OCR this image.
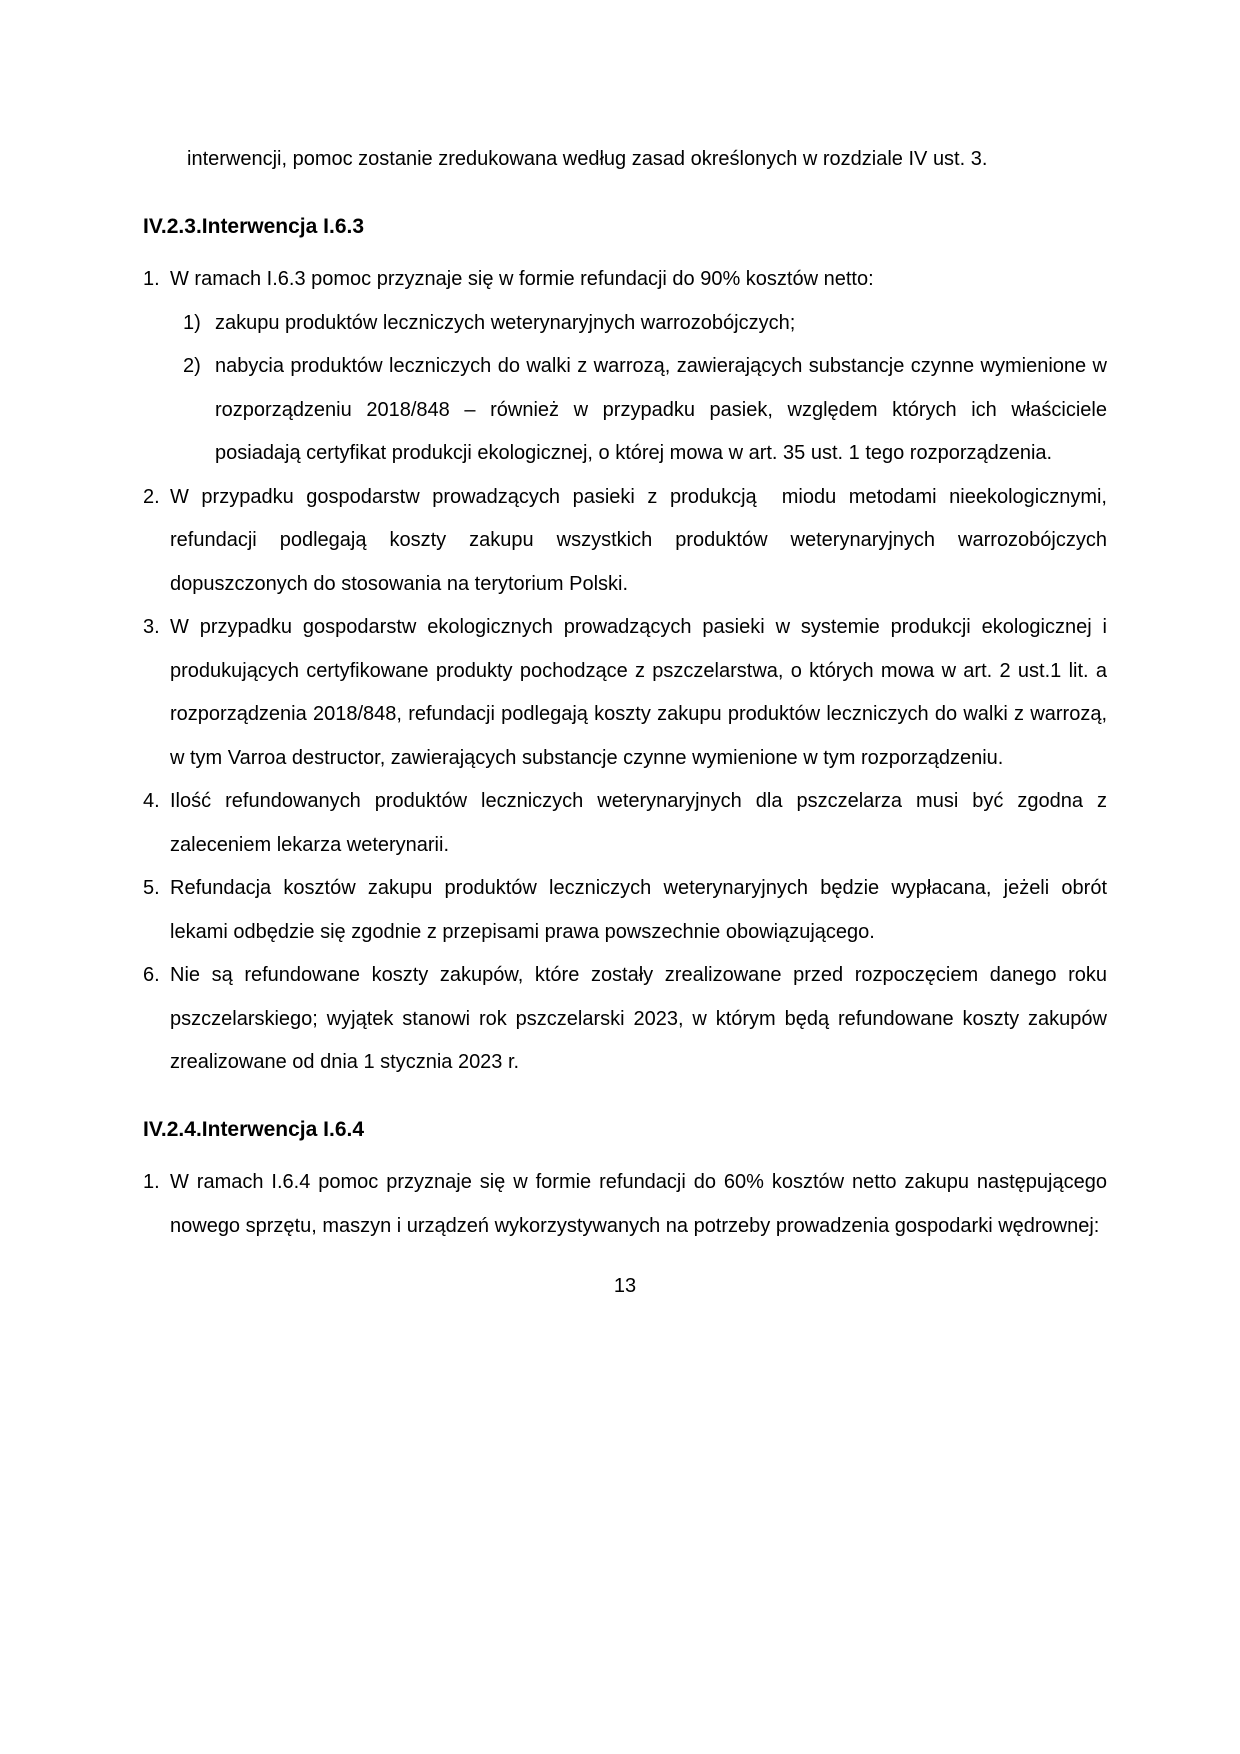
interwencji, pomoc zostanie zredukowana według zasad określonych w rozdziale IV ust. 3.

IV.2.3.Interwencja I.6.3
1. W ramach I.6.3 pomoc przyznaje się w formie refundacji do 90% kosztów netto:

1) zakupu produktów leczniczych weterynaryjnych warrozobójczych;

2) nabycia produktów leczniczych do walki z warrozą, zawierających substancje czynne wymienione w rozporządzeniu 2018/848 – również w przypadku pasiek, względem których ich właściciele posiadają certyfikat produkcji ekologicznej, o której mowa w art. 35 ust. 1 tego rozporządzenia.

2. W przypadku gospodarstw prowadzących pasieki z produkcją  miodu metodami nieekologicznymi, refundacji podlegają koszty zakupu wszystkich produktów weterynaryjnych warrozobójczych dopuszczonych do stosowania na terytorium Polski.

3. W przypadku gospodarstw ekologicznych prowadzących pasieki w systemie produkcji ekologicznej i produkujących certyfikowane produkty pochodzące z pszczelarstwa, o których mowa w art. 2 ust.1 lit. a rozporządzenia 2018/848, refundacji podlegają koszty zakupu produktów leczniczych do walki z warrozą, w tym Varroa destructor, zawierających substancje czynne wymienione w tym rozporządzeniu.

4. Ilość refundowanych produktów leczniczych weterynaryjnych dla pszczelarza musi być zgodna z zaleceniem lekarza weterynarii.

5. Refundacja kosztów zakupu produktów leczniczych weterynaryjnych będzie wypłacana, jeżeli obrót lekami odbędzie się zgodnie z przepisami prawa powszechnie obowiązującego.

6. Nie są refundowane koszty zakupów, które zostały zrealizowane przed rozpoczęciem danego roku pszczelarskiego; wyjątek stanowi rok pszczelarski 2023, w którym będą refundowane koszty zakupów zrealizowane od dnia 1 stycznia 2023 r.

IV.2.4.Interwencja I.6.4
1. W ramach I.6.4 pomoc przyznaje się w formie refundacji do 60% kosztów netto zakupu następującego nowego sprzętu, maszyn i urządzeń wykorzystywanych na potrzeby prowadzenia gospodarki wędrownej:

13
